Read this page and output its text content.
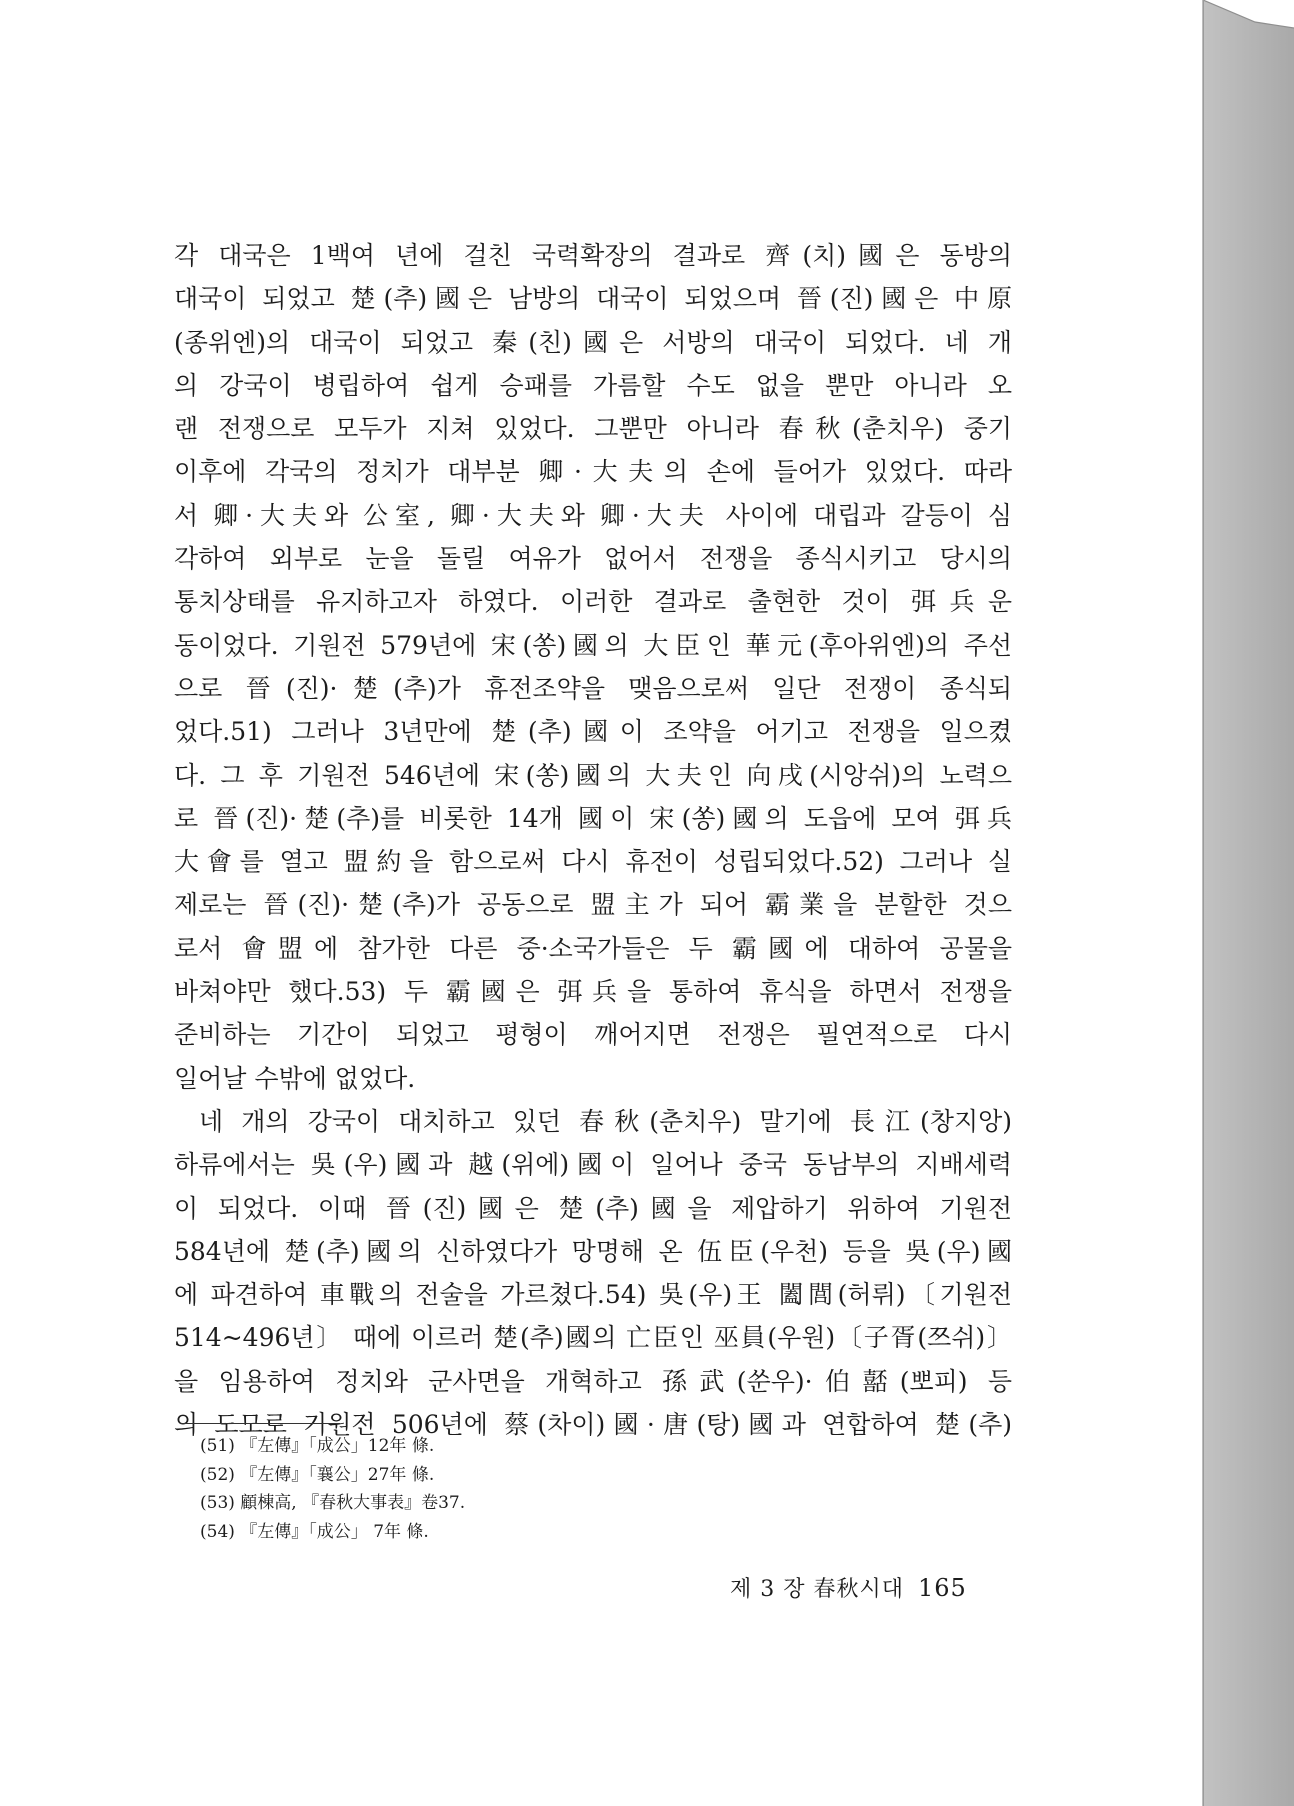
각 대국은 1백여 년에 걸친 국력확장의 결과로 齊(치)國은 동방의
대국이 되었고 楚(추)國은 남방의 대국이 되었으며 晉(진)國은 中原
(종위엔)의 대국이 되었고 秦(친)國은 서방의 대국이 되었다. 네 개
의 강국이 병립하여 쉽게 승패를 가름할 수도 없을 뿐만 아니라 오
랜 전쟁으로 모두가 지쳐 있었다. 그뿐만 아니라 春秋(춘치우) 중기
이후에 각국의 정치가 대부분 卿·大夫의 손에 들어가 있었다. 따라
서 卿·大夫와 公室, 卿·大夫와 卿·大夫 사이에 대립과 갈등이 심
각하여 외부로 눈을 돌릴 여유가 없어서 전쟁을 종식시키고 당시의
통치상태를 유지하고자 하였다. 이러한 결과로 출현한 것이 弭兵운
동이었다. 기원전 579년에 宋(쏭)國의 大臣인 華元(후아위엔)의 주선
으로 晉(진)·楚(추)가 휴전조약을 맺음으로써 일단 전쟁이 종식되
었다.51) 그러나 3년만에 楚(추)國이 조약을 어기고 전쟁을 일으켰
다. 그 후 기원전 546년에 宋(쏭)國의 大夫인 向戌(시앙쉬)의 노력으
로 晉(진)·楚(추)를 비롯한 14개 國이 宋(쏭)國의 도읍에 모여 弭兵
大會를 열고 盟約을 함으로써 다시 휴전이 성립되었다.52) 그러나 실
제로는 晉(진)·楚(추)가 공동으로 盟主가 되어 霸業을 분할한 것으
로서 會盟에 참가한 다른 중·소국가들은 두 霸國에 대하여 공물을
바쳐야만 했다.53) 두 霸國은 弭兵을 통하여 휴식을 하면서 전쟁을
준비하는 기간이 되었고 평형이 깨어지면 전쟁은 필연적으로 다시
일어날 수밖에 없었다.
네 개의 강국이 대치하고 있던 春秋(춘치우) 말기에 長江(창지앙)
하류에서는 吳(우)國과 越(위에)國이 일어나 중국 동남부의 지배세력
이 되었다. 이때 晉(진)國은 楚(추)國을 제압하기 위하여 기원전
584년에 楚(추)國의 신하였다가 망명해 온 伍臣(우천) 등을 吳(우)國
에 파견하여 車戰의 전술을 가르쳤다.54) 吳(우)王 闔閭(허뤼)〔기원전
514~496년〕 때에 이르러 楚(추)國의 亡臣인 巫員(우원)〔子胥(쯔쉬)〕
을 임용하여 정치와 군사면을 개혁하고 孫武(쑨우)·伯嚭(뽀피) 등
의 도모로 기원전 506년에 蔡(차이)國·唐(탕)國과 연합하여 楚(추)
(51) 『左傳』「成公」12年 條.
(52) 『左傳』「襄公」27年 條.
(53) 顧棟高, 『春秋大事表』卷37.
(54) 『左傳』「成公」 7年 條.
제 3 장 春秋시대 165
